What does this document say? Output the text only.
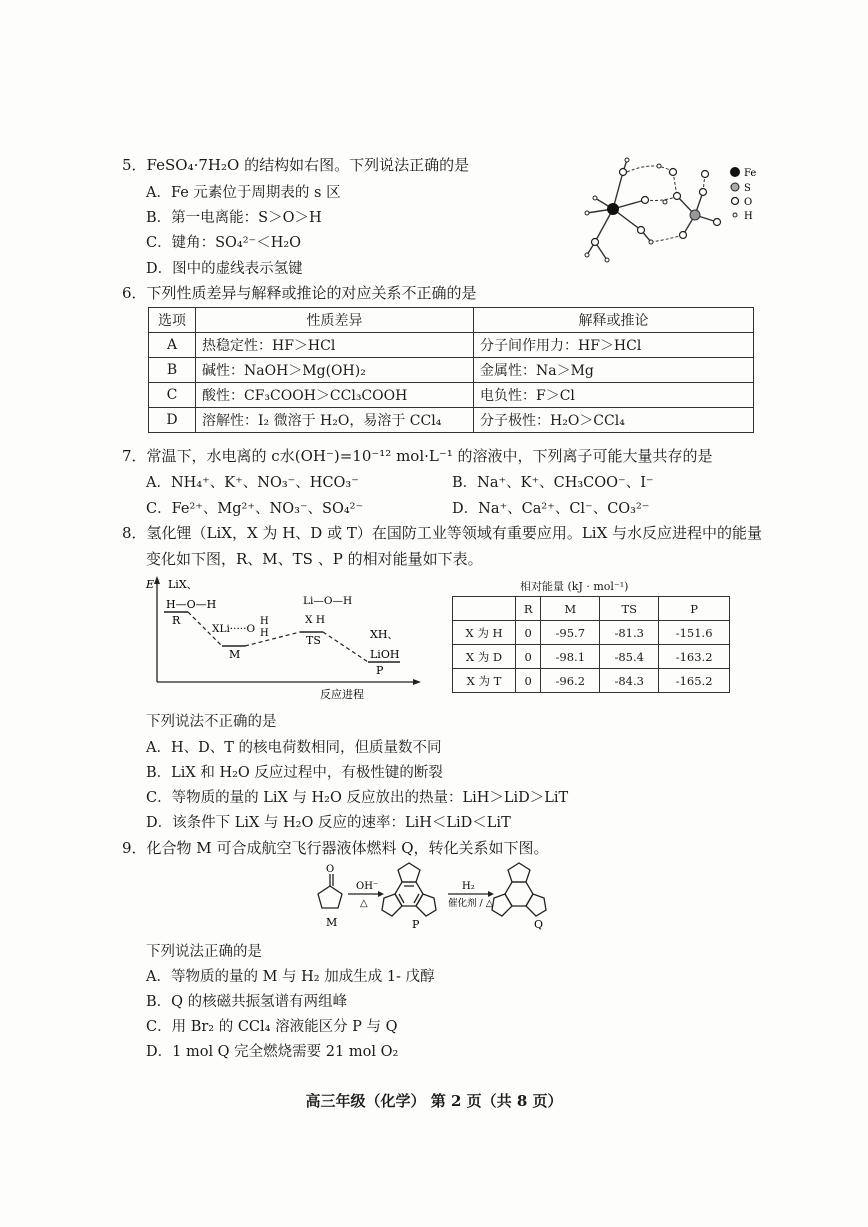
5．FeSO₄·7H₂O 的结构如右图。下列说法正确的是
A．Fe 元素位于周期表的 s 区
B．第一电离能：S＞O＞H
C．键角：SO₄²⁻＜H₂O
D．图中的虚线表示氢键
Fe
S
O
H
6．下列性质差异与解释或推论的对应关系不正确的是
选项	性质差异	解释或推论
A	热稳定性：HF＞HCl	分子间作用力：HF＞HCl
B	碱性：NaOH＞Mg(OH)₂	金属性：Na＞Mg
C	酸性：CF₃COOH＞CCl₃COOH	电负性：F＞Cl
D	溶解性：I₂ 微溶于 H₂O，易溶于 CCl₄	分子极性：H₂O＞CCl₄
7．常温下，水电离的 c水(OH⁻)=10⁻¹² mol·L⁻¹ 的溶液中，下列离子可能大量共存的是
A．NH₄⁺、K⁺、NO₃⁻、HCO₃⁻	B．Na⁺、K⁺、CH₃COO⁻、I⁻
C．Fe²⁺、Mg²⁺、NO₃⁻、SO₄²⁻	D．Na⁺、Ca²⁺、Cl⁻、CO₃²⁻
8．氢化锂（LiX，X 为 H、D 或 T）在国防工业等领域有重要应用。LiX 与水反应进程中的能量
变化如下图，R、M、TS 、P 的相对能量如下表。
E
反应进程
LiX、
H—O—H
R
XLi·····O
H
H
M
Li—O—H
X H
TS	XH、
LiOH
P
相对能量 (kJ · mol⁻¹)
	R	M	TS	P
X 为 H	0	-95.7	-81.3	-151.6
X 为 D	0	-98.1	-85.4	-163.2
X 为 T	0	-96.2	-84.3	-165.2
下列说法不正确的是
A．H、D、T 的核电荷数相同，但质量数不同
B．LiX 和 H₂O 反应过程中，有极性键的断裂
C．等物质的量的 LiX 与 H₂O 反应放出的热量：LiH＞LiD＞LiT
D．该条件下 LiX 与 H₂O 反应的速率：LiH＜LiD＜LiT
9．化合物 M 可合成航空飞行器液体燃料 Q，转化关系如下图。
O
M
OH⁻
△
P
H₂
催化剂 / △
Q
下列说法正确的是
A．等物质的量的 M 与 H₂ 加成生成 1- 戊醇
B．Q 的核磁共振氢谱有两组峰
C．用 Br₂ 的 CCl₄ 溶液能区分 P 与 Q
D．1 mol Q 完全燃烧需要 21 mol O₂
高三年级（化学） 第 2 页（共 8 页）
